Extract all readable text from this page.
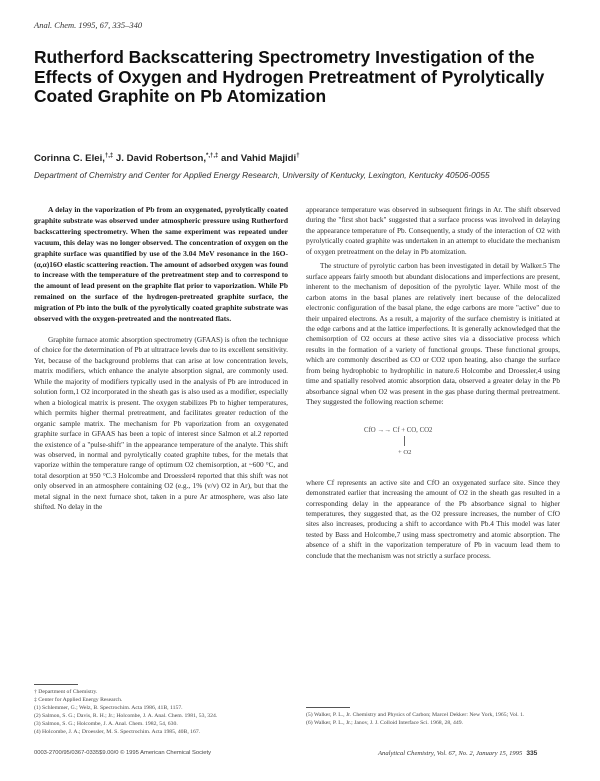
Anal. Chem. 1995, 67, 335–340
Rutherford Backscattering Spectrometry Investigation of the Effects of Oxygen and Hydrogen Pretreatment of Pyrolytically Coated Graphite on Pb Atomization
Corinna C. Elei,†,‡ J. David Robertson,*,†,‡ and Vahid Majidi†
Department of Chemistry and Center for Applied Energy Research, University of Kentucky, Lexington, Kentucky 40506-0055

A delay in the vaporization of Pb from an oxygenated, pyrolytically coated graphite substrate was observed under atmospheric pressure using Rutherford backscattering spectrometry. When the same experiment was repeated under vacuum, this delay was no longer observed. The concentration of oxygen on the graphite surface was quantified by use of the 3.04 MeV resonance in the 16O-(α,α)16O elastic scattering reaction. The amount of adsorbed oxygen was found to increase with the temperature of the pretreatment step and to correspond to the amount of lead present on the graphite flat prior to vaporization. While Pb remained on the surface of the hydrogen-pretreated graphite surface, the migration of Pb into the bulk of the pyrolytically coated graphite substrate was observed with the oxygen-pretreated and the nontreated flats.

Graphite furnace atomic absorption spectrometry (GFAAS) is often the technique of choice for the determination of Pb at ultratrace levels due to its excellent sensitivity. Yet, because of the background problems that can arise at low concentration levels, matrix modifiers, which enhance the analyte absorption signal, are commonly used. While the majority of modifiers typically used in the analysis of Pb are introduced in solution form,1 O2 incorporated in the sheath gas is also used as a modifier, especially when a biological matrix is present. The oxygen stabilizes Pb to higher temperatures, which permits higher thermal pretreatment, and facilitates greater reduction of the organic sample matrix. The mechanism for Pb vaporization from an oxygenated graphite surface in GFAAS has been a topic of interest since Salmon et al.2 reported the existence of a "pulse-shift" in the appearance temperature of the analyte. This shift was observed, in normal and pyrolytically coated graphite tubes, for the metals that vaporize within the temperature range of optimum O2 chemisorption, at ~600 °C, and total desorption at 950 °C.3 Holcombe and Droessler4 reported that this shift was not only observed in an atmosphere containing O2 (e.g., 1% (v/v) O2 in Ar), but that the metal signal in the next furnace shot, taken in a pure Ar atmosphere, was also late shifted. No delay in the

† Department of Chemistry.
‡ Center for Applied Energy Research.
(1) Schlemmer, G.; Welz, B. Spectrochim. Acta 1986, 41B, 1157.
(2) Salmon, S. G.; Davis, R. H.; Jr.; Holcombe, J. A. Anal. Chem. 1981, 53, 324.
(3) Salmon, S. G.; Holcombe, J. A. Anal. Chem. 1982, 54, 630.
(4) Holcombe, J. A.; Droessler, M. S. Spectrochim. Acta 1985, 40B, 167.

appearance temperature was observed in subsequent firings in Ar. The shift observed during the "first shot back" suggested that a surface process was involved in delaying the appearance temperature of Pb. Consequently, a study of the interaction of O2 with pyrolytically coated graphite was undertaken in an attempt to elucidate the mechanism of oxygen pretreatment on the delay in Pb atomization.

The structure of pyrolytic carbon has been investigated in detail by Walker.5 The surface appears fairly smooth but abundant dislocations and imperfections are present, inherent to the mechanism of deposition of the pyrolytic layer. While most of the carbon atoms in the basal planes are relatively inert because of the delocalized electronic configuration of the basal plane, the edge carbons are more "active" due to their unpaired electrons. As a result, a majority of the surface chemistry is initiated at the edge carbons and at the lattice imperfections. It is generally acknowledged that the chemisorption of O2 occurs at these active sites via a dissociative process which results in the formation of a variety of functional groups. These functional groups, which are commonly described as CO or CO2 upon heating, also change the surface from being hydrophobic to hydrophilic in nature.6 Holcombe and Droessler,4 using time and spatially resolved atomic absorption data, observed a greater delay in the Pb absorbance signal when O2 was present in the gas phase during thermal pretreatment. They suggested the following reaction scheme:

CfO →→ Cf + CO, CO2
+ O2

where Cf represents an active site and CfO an oxygenated surface site. Since they demonstrated earlier that increasing the amount of O2 in the sheath gas resulted in a corresponding delay in the appearance of the Pb absorbance signal to higher temperatures, they suggested that, as the O2 pressure increases, the number of CfO sites also increases, producing a shift to accordance with Pb.4 This model was later tested by Bass and Holcombe,7 using mass spectrometry and atomic absorption. The absence of a shift in the vaporization temperature of Pb in vacuum lead them to conclude that the mechanism was not strictly a surface process.

(5) Walker, P. L., Jr. Chemistry and Physics of Carbon; Marcel Dekker: New York, 1965; Vol. 1.
(6) Walker, P. L., Jr.; Janov, J. J. Colloid Interface Sci. 1968, 28, 449.
0003-2700/95/0367-0335$9.00/0 © 1995 American Chemical Society	Analytical Chemistry, Vol. 67, No. 2, January 15, 1995 335
